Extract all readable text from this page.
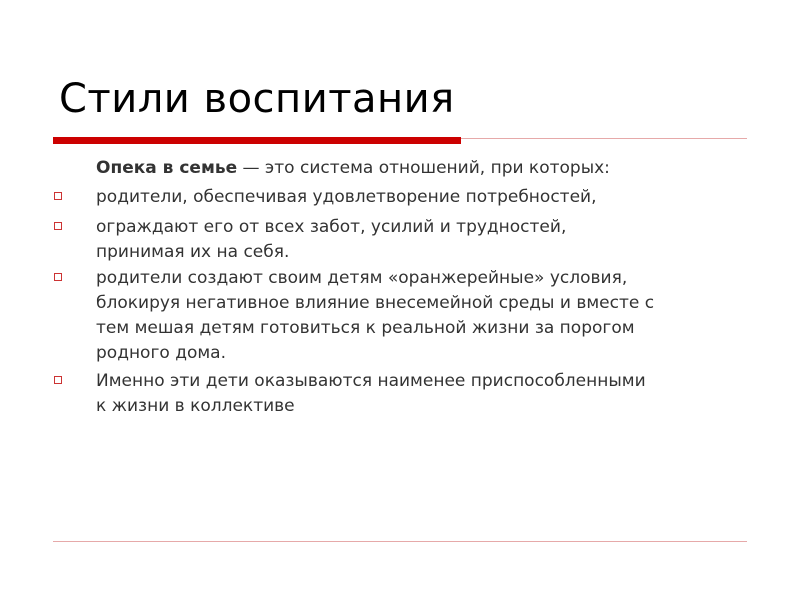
Стили воспитания
Опека в семье — это система отношений, при которых:
родители, обеспечивая удовлетворение потребностей,
ограждают его от всех забот, усилий и трудностей,
принимая их на себя.
родители создают своим детям «оранжерейные» условия,
блокируя негативное влияние внесемейной среды и вместе с
тем мешая детям готовиться к реальной жизни за порогом
родного дома.
Именно эти дети оказываются наименее приспособленными
к жизни в коллективе
